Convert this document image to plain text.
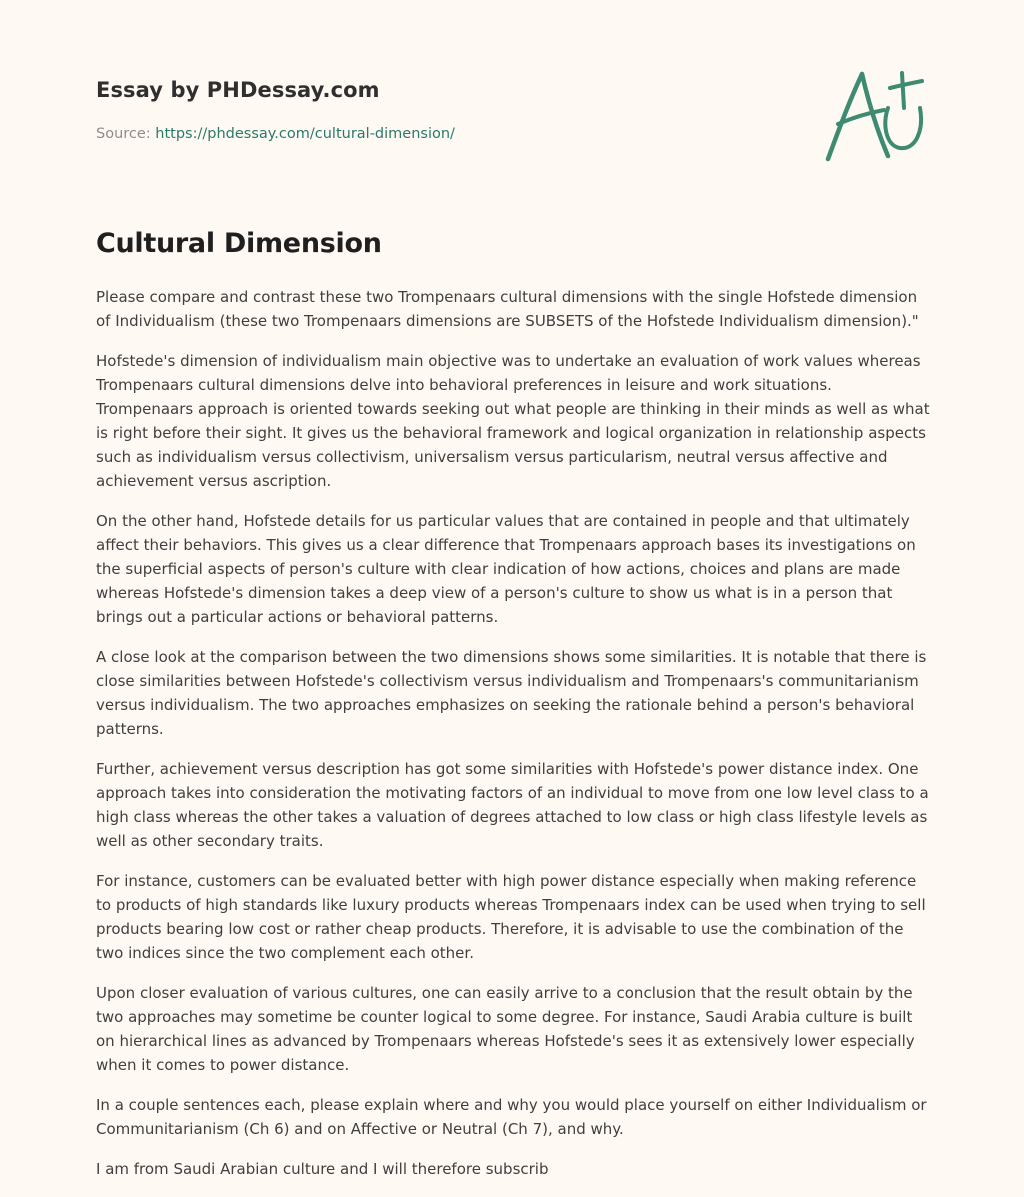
Essay by PHDessay.com
Source: https://phdessay.com/cultural-dimension/
Cultural Dimension

Please compare and contrast these two Trompenaars cultural dimensions with the single Hofstede dimension of Individualism (these two Trompenaars dimensions are SUBSETS of the Hofstede Individualism dimension)."

Hofstede's dimension of individualism main objective was to undertake an evaluation of work values whereas Trompenaars cultural dimensions delve into behavioral preferences in leisure and work situations. Trompenaars approach is oriented towards seeking out what people are thinking in their minds as well as what is right before their sight. It gives us the behavioral framework and logical organization in relationship aspects such as individualism versus collectivism, universalism versus particularism, neutral versus affective and achievement versus ascription.

On the other hand, Hofstede details for us particular values that are contained in people and that ultimately affect their behaviors. This gives us a clear difference that Trompenaars approach bases its investigations on the superficial aspects of person's culture with clear indication of how actions, choices and plans are made whereas Hofstede's dimension takes a deep view of a person's culture to show us what is in a person that brings out a particular actions or behavioral patterns.

A close look at the comparison between the two dimensions shows some similarities. It is notable that there is close similarities between Hofstede's collectivism versus individualism and Trompenaars's communitarianism versus individualism. The two approaches emphasizes on seeking the rationale behind a person's behavioral patterns.

Further, achievement versus description has got some similarities with Hofstede's power distance index. One approach takes into consideration the motivating factors of an individual to move from one low level class to a high class whereas the other takes a valuation of degrees attached to low class or high class lifestyle levels as well as other secondary traits.

For instance, customers can be evaluated better with high power distance especially when making reference to products of high standards like luxury products whereas Trompenaars index can be used when trying to sell products bearing low cost or rather cheap products. Therefore, it is advisable to use the combination of the two indices since the two complement each other.

Upon closer evaluation of various cultures, one can easily arrive to a conclusion that the result obtain by the two approaches may sometime be counter logical to some degree. For instance, Saudi Arabia culture is built on hierarchical lines as advanced by Trompenaars whereas Hofstede's sees it as extensively lower especially when it comes to power distance.

In a couple sentences each, please explain where and why you would place yourself on either Individualism or Communitarianism (Ch 6) and on Affective or Neutral (Ch 7), and why.

I am from Saudi Arabian culture and I will therefore subscrib
